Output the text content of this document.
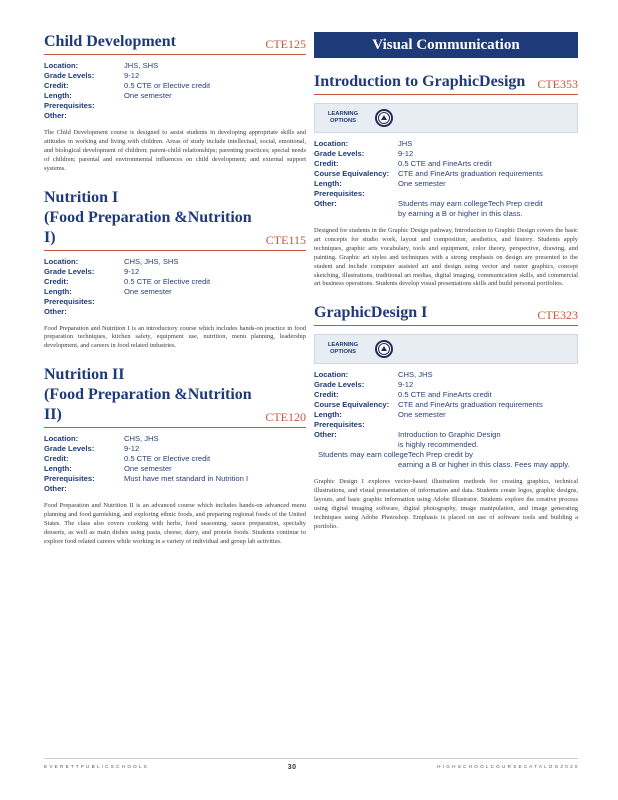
Child Development	CTE125
Location:	JHS, SHS
Grade Levels:	9-12
Credit:	0.5 CTE or Elective credit
Length:	One semester
Prerequisites:
Other:

The Child Development course is designed to assist students in developing appropriate skills and attitudes in working and living with children. Areas of study include intellectual, social, emotional, and biological development of children; parent-child relationships; parenting practices; special needs of children; parental and environmental influences on child development; and external support systems.

Nutrition I
(Food Preparation &Nutrition I)	CTE115
Location:	CHS, JHS, SHS
Grade Levels:	9-12
Credit:	0.5 CTE or Elective credit
Length:	One semester
Prerequisites:
Other:

Food Preparation and Nutrition I is an introductory course which includes hands-on practice in food preparation techniques, kitchen safety, equipment use, nutrition, menu planning, leadership development, and careers in food related industries.

Nutrition II
(Food Preparation &Nutrition II)	CTE120
Location:	CHS, JHS
Grade Levels:	9-12
Credit:	0.5 CTE or Elective credit
Length:	One semester
Prerequisites:	Must have met standard in Nutrition I
Other:

Food Preparation and Nutrition II is an advanced course which includes hands-on advanced menu planning and food garnishing, and exploring ethnic foods, and preparing regional foods of the United States. The class also covers cooking with herbs, food seasoning, sauce preparation, specialty desserts, as well as main dishes using pasta, cheese, dairy, and protein foods. Students continue to explore food related careers while working in a variety of individual and group lab activities.

Visual Communication
Introduction to GraphicDesign CTE353
LEARNING OPTIONS
Location:	JHS
Grade Levels:	9-12
Credit:	0.5 CTE and FineArts credit
Course Equivalency:	CTE and FineArts graduation requirements
Length:	One semester
Prerequisites:
Other:	Students may earn collegeTech Prep credit
by earning a B or higher in this class.

Designed for students in the Graphic Design pathway, Introduction to Graphic Design covers the basic art concepts for studio work, layout and composition, aesthetics, and history. Students apply techniques, graphic arts vocabulary, tools and equipment, color theory, perspective, drawing, and painting. Graphic art styles and techniques with a strong emphasis on design are presented to the student and include computer assisted art and design using vector and raster graphics, concept sketching, illustrations, traditional art medias, digital imaging, communication skills, and commercial art business operations. Students develop visual presentations skills and build personal portfolios.

GraphicDesign I	CTE323
LEARNING OPTIONS
Location:	CHS, JHS
Grade Levels:	9-12
Credit:	0.5 CTE and FineArts credit
Course Equivalency:	CTE and FineArts graduation requirements
Length:	One semester
Prerequisites:
Other:	Introduction to Graphic Design
is highly recommended.
Students may earn collegeTech Prep credit by
earning a B or higher in this class. Fees may apply.

Graphic Design I explores vector-based illustration methods for creating graphics, technical illustrations, and visual presentation of information and data. Students create logos, graphic designs, layouts, and basic graphic information using Adobe Illustrator. Students explore the creative process using digital imaging software, digital photography, image manipulation, and image generating techniques using Adobe Photoshop. Emphasis is placed on use of software tools and building a portfolio.

E V E R E T T P U B L I C S C H O O L S	30	H I G H S C H O O L C O U R S E C A T A L O G 2 0 2 0
